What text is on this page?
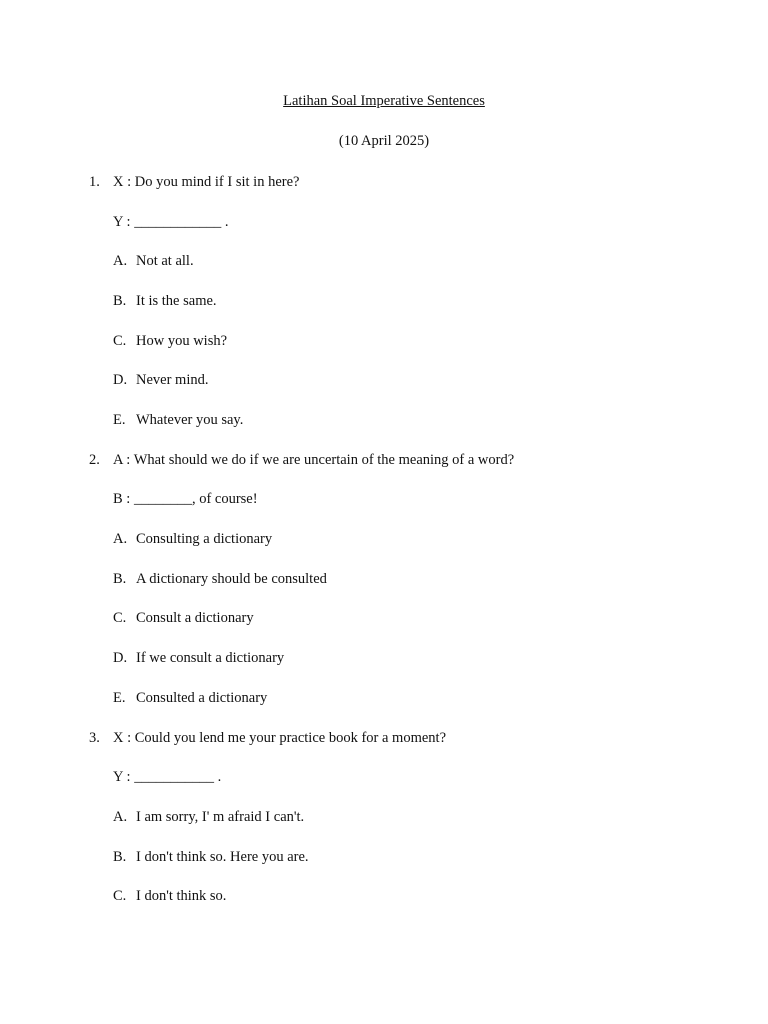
Latihan Soal Imperative Sentences
(10 April 2025)
1. X : Do you mind if I sit in here?
Y : ____________ .
A. Not at all.
B. It is the same.
C. How you wish?
D. Never mind.
E. Whatever you say.
2. A : What should we do if we are uncertain of the meaning of a word?
B : ________, of course!
A. Consulting a dictionary
B. A dictionary should be consulted
C. Consult a dictionary
D. If we consult a dictionary
E. Consulted a dictionary
3. X : Could you lend me your practice book for a moment?
Y : ___________ .
A. I am sorry, I' m afraid I can't.
B. I don't think so. Here you are.
C. I don't think so.
